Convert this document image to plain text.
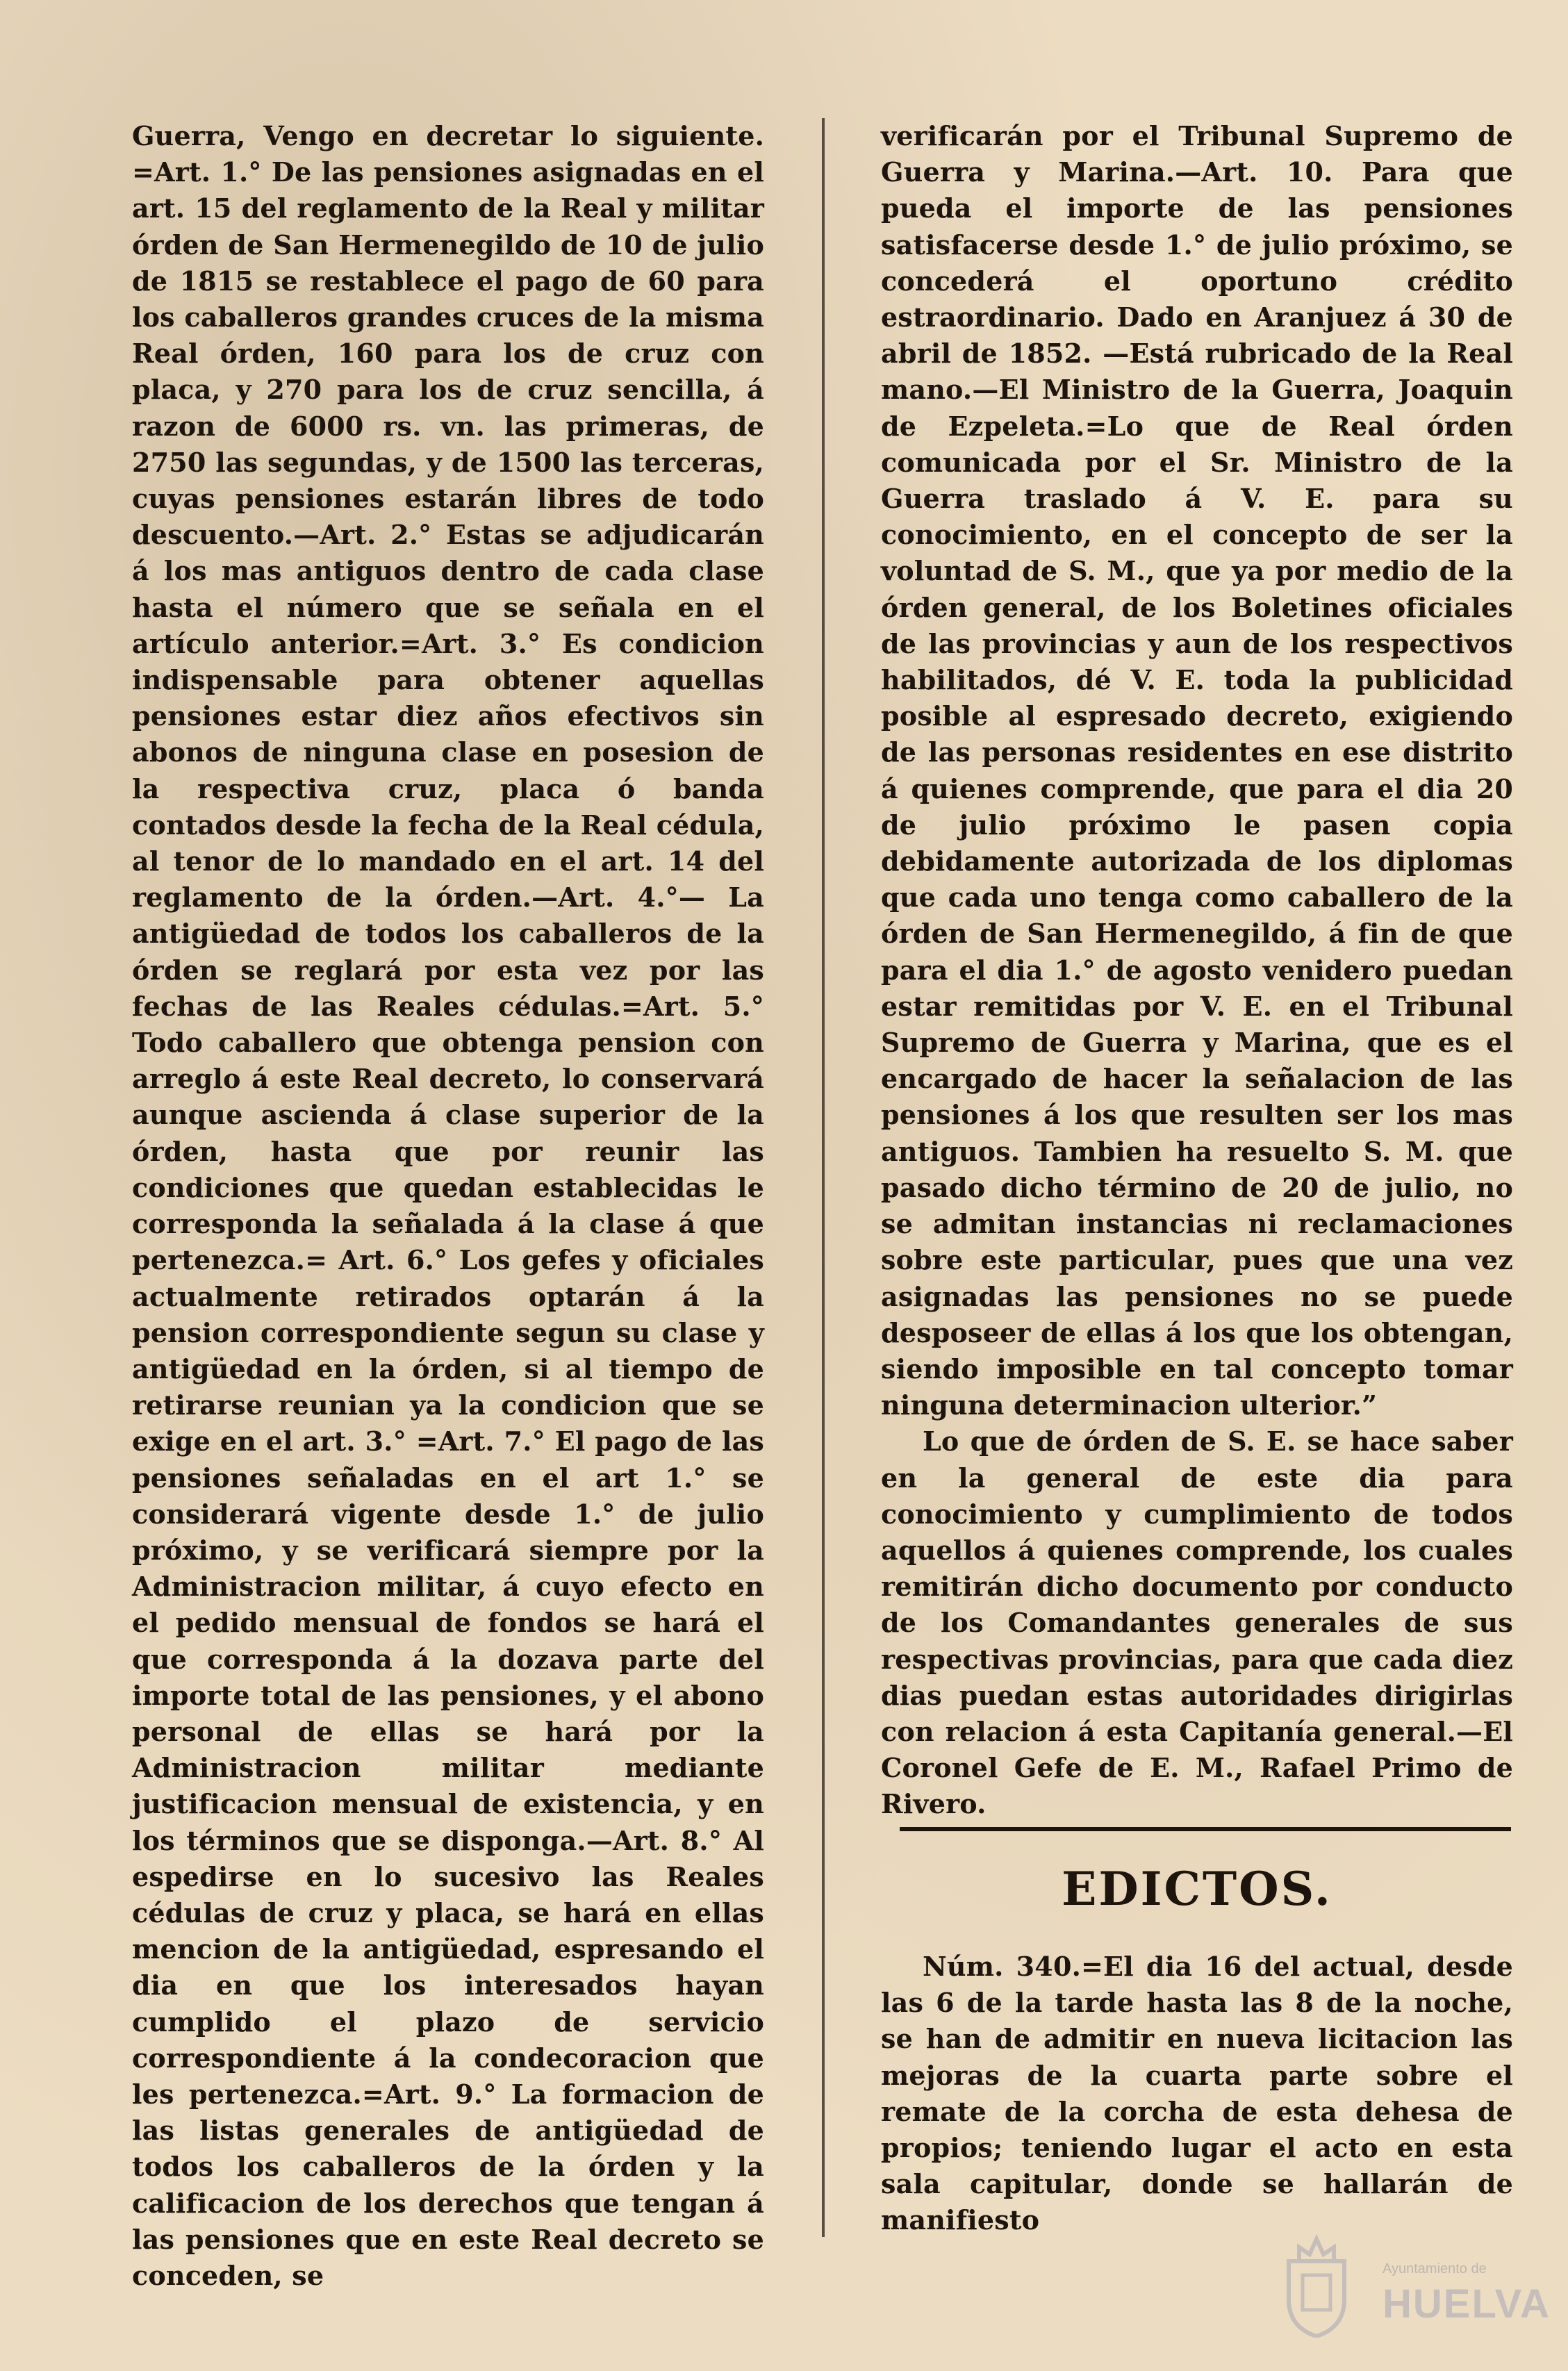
Guerra, Vengo en decretar lo siguiente. =Art. 1.° De las pensiones asignadas en el art. 15 del reglamento de la Real y militar órden de San Hermenegildo de 10 de julio de 1815 se restablece el pago de 60 para los caballeros grandes cruces de la misma Real órden, 160 para los de cruz con placa, y 270 para los de cruz sencilla, á razon de 6000 rs. vn. las primeras, de 2750 las segundas, y de 1500 las terceras, cuyas pensiones estarán libres de todo descuento.—Art. 2.° Estas se adjudicarán á los mas antiguos dentro de cada clase hasta el número que se señala en el artículo anterior.=Art. 3.° Es condicion indispensable para obtener aquellas pensiones estar diez años efectivos sin abonos de ninguna clase en posesion de la respectiva cruz, placa ó banda contados desde la fecha de la Real cédula, al tenor de lo mandado en el art. 14 del reglamento de la órden.—Art. 4.°— La antigüedad de todos los caballeros de la órden se reglará por esta vez por las fechas de las Reales cédulas.=Art. 5.° Todo caballero que obtenga pension con arreglo á este Real decreto, lo conservará aunque ascienda á clase superior de la órden, hasta que por reunir las condiciones que quedan establecidas le corresponda la señalada á la clase á que pertenezca.= Art. 6.° Los gefes y oficiales actualmente retirados optarán á la pension correspondiente segun su clase y antigüedad en la órden, si al tiempo de retirarse reunian ya la condicion que se exige en el art. 3.° =Art. 7.° El pago de las pensiones señaladas en el art 1.° se considerará vigente desde 1.° de julio próximo, y se verificará siempre por la Administracion militar, á cuyo efecto en el pedido mensual de fondos se hará el que corresponda á la dozava parte del importe total de las pensiones, y el abono personal de ellas se hará por la Administracion militar mediante justificacion mensual de existencia, y en los términos que se disponga.—Art. 8.° Al espedirse en lo sucesivo las Reales cédulas de cruz y placa, se hará en ellas mencion de la antigüedad, espresando el dia en que los interesados hayan cumplido el plazo de servicio correspondiente á la condecoracion que les pertenezca.=Art. 9.° La formacion de las listas generales de antigüedad de todos los caballeros de la órden y la calificacion de los derechos que tengan á las pensiones que en este Real decreto se conceden, se

verificarán por el Tribunal Supremo de Guerra y Marina.—Art. 10. Para que pueda el importe de las pensiones satisfacerse desde 1.° de julio próximo, se concederá el oportuno crédito estraordinario. Dado en Aranjuez á 30 de abril de 1852. —Está rubricado de la Real mano.—El Ministro de la Guerra, Joaquin de Ezpeleta.=Lo que de Real órden comunicada por el Sr. Ministro de la Guerra traslado á V. E. para su conocimiento, en el concepto de ser la voluntad de S. M., que ya por medio de la órden general, de los Boletines oficiales de las provincias y aun de los respectivos habilitados, dé V. E. toda la publicidad posible al espresado decreto, exigiendo de las personas residentes en ese distrito á quienes comprende, que para el dia 20 de julio próximo le pasen copia debidamente autorizada de los diplomas que cada uno tenga como caballero de la órden de San Hermenegildo, á fin de que para el dia 1.° de agosto venidero puedan estar remitidas por V. E. en el Tribunal Supremo de Guerra y Marina, que es el encargado de hacer la señalacion de las pensiones á los que resulten ser los mas antiguos. Tambien ha resuelto S. M. que pasado dicho término de 20 de julio, no se admitan instancias ni reclamaciones sobre este particular, pues que una vez asignadas las pensiones no se puede desposeer de ellas á los que los obtengan, siendo imposible en tal concepto tomar ninguna determinacion ulterior.”

Lo que de órden de S. E. se hace saber en la general de este dia para conocimiento y cumplimiento de todos aquellos á quienes comprende, los cuales remitirán dicho documento por conducto de los Comandantes generales de sus respectivas provincias, para que cada diez dias puedan estas autoridades dirigirlas con relacion á esta Capitanía general.—El Coronel Gefe de E. M., Rafael Primo de Rivero.

EDICTOS.

Núm. 340.=El dia 16 del actual, desde las 6 de la tarde hasta las 8 de la noche, se han de admitir en nueva licitacion las mejoras de la cuarta parte sobre el remate de la corcha de esta dehesa de propios; teniendo lugar el acto en esta sala capitular, donde se hallarán de manifiesto

Ayuntamiento de
HUELVA
